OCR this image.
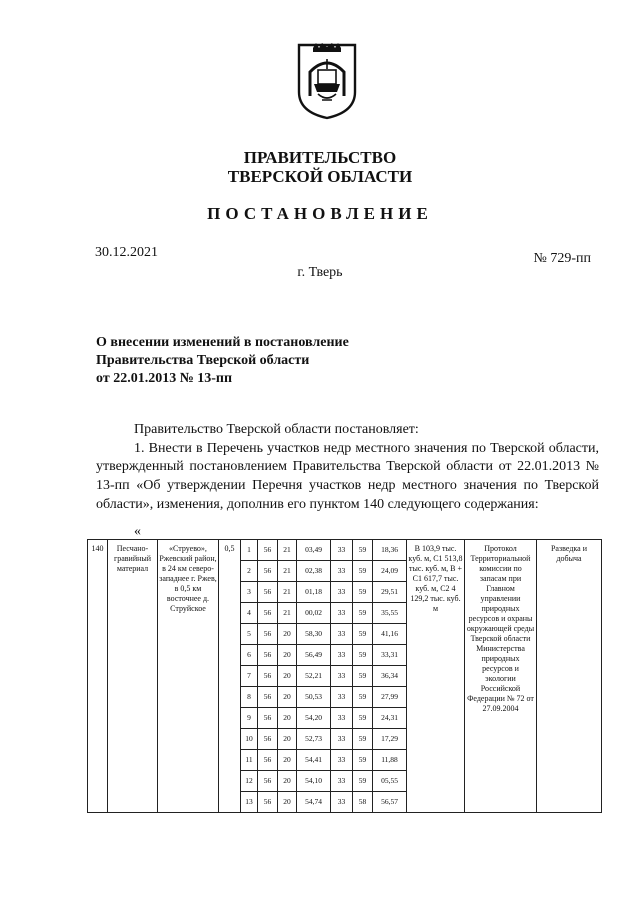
ПРАВИТЕЛЬСТВО
ТВЕРСКОЙ ОБЛАСТИ
ПОСТАНОВЛЕНИЕ
30.12.2021	№ 729-пп
г. Тверь
О внесении изменений в постановление
Правительства Тверской области
от 22.01.2013 № 13-пп

Правительство Тверской области постановляет:

1. Внести в Перечень участков недр местного значения по Тверской области, утвержденный постановлением Правительства Тверской области от 22.01.2013 № 13-пп «Об утверждении Перечня участков недр местного значения по Тверской области», изменения, дополнив его пунктом 140 следующего содержания:

«
140	Песчано-гравийный материал	«Струево», Ржевский район, в 24 км северо-западнее г. Ржев, в 0,5 км восточнее д. Струйское	0,5	1	56	21	03,49	33	59	18,36	В 103,9 тыс. куб. м, C1 513,8 тыс. куб. м, В + C1 617,7 тыс. куб. м, C2 4 129,2 тыс. куб. м	Протокол Территориальной комиссии по запасам при Главном управлении природных ресурсов и охраны окружающей среды Тверской области Министерства природных ресурсов и экологии Российской Федерации № 72 от 27.09.2004	Разведка и добыча
				2	56	21	02,38	33	59	24,09			
				3	56	21	01,18	33	59	29,51			
				4	56	21	00,02	33	59	35,55			
				5	56	20	58,30	33	59	41,16			
				6	56	20	56,49	33	59	33,31			
				7	56	20	52,21	33	59	36,34			
				8	56	20	50,53	33	59	27,99			
				9	56	20	54,20	33	59	24,31			
				10	56	20	52,73	33	59	17,29			
				11	56	20	54,41	33	59	11,88			
				12	56	20	54,10	33	59	05,55			
				13	56	20	54,74	33	58	56,57			
